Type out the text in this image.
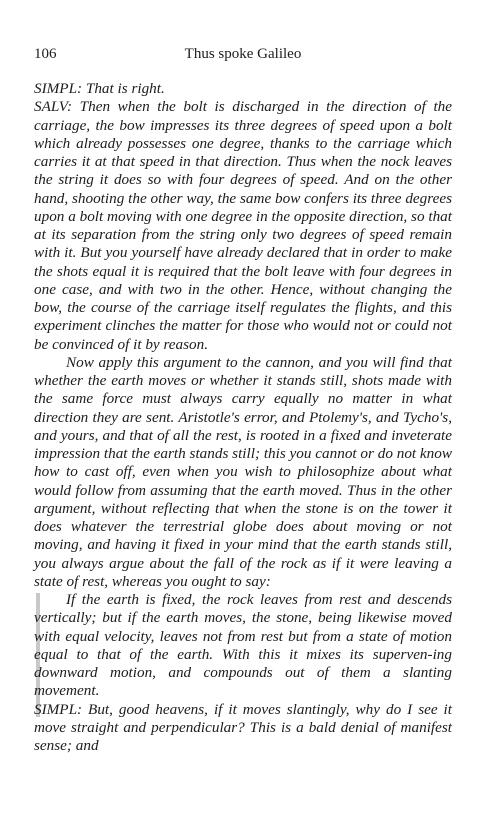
106	Thus spoke Galileo

SIMPL: That is right.

SALV: Then when the bolt is discharged in the direction of the carriage, the bow impresses its three degrees of speed upon a bolt which already possesses one degree, thanks to the carriage which carries it at that speed in that direction. Thus when the nock leaves the string it does so with four degrees of speed. And on the other hand, shooting the other way, the same bow confers its three degrees upon a bolt moving with one degree in the opposite direction, so that at its separation from the string only two degrees of speed remain with it. But you yourself have already declared that in order to make the shots equal it is required that the bolt leave with four degrees in one case, and with two in the other. Hence, without changing the bow, the course of the carriage itself regulates the flights, and this experiment clinches the matter for those who would not or could not be convinced of it by reason.

Now apply this argument to the cannon, and you will find that whether the earth moves or whether it stands still, shots made with the same force must always carry equally no matter in what direction they are sent. Aristotle's error, and Ptolemy's, and Tycho's, and yours, and that of all the rest, is rooted in a fixed and inveterate impression that the earth stands still; this you cannot or do not know how to cast off, even when you wish to philosophize about what would follow from assuming that the earth moved. Thus in the other argument, without reflecting that when the stone is on the tower it does whatever the terrestrial globe does about moving or not moving, and having it fixed in your mind that the earth stands still, you always argue about the fall of the rock as if it were leaving a state of rest, whereas you ought to say:

If the earth is fixed, the rock leaves from rest and descends vertically; but if the earth moves, the stone, being likewise moved with equal velocity, leaves not from rest but from a state of motion equal to that of the earth. With this it mixes its superven-ing downward motion, and compounds out of them a slanting movement.

SIMPL: But, good heavens, if it moves slantingly, why do I see it move straight and perpendicular? This is a bald denial of manifest sense; and
